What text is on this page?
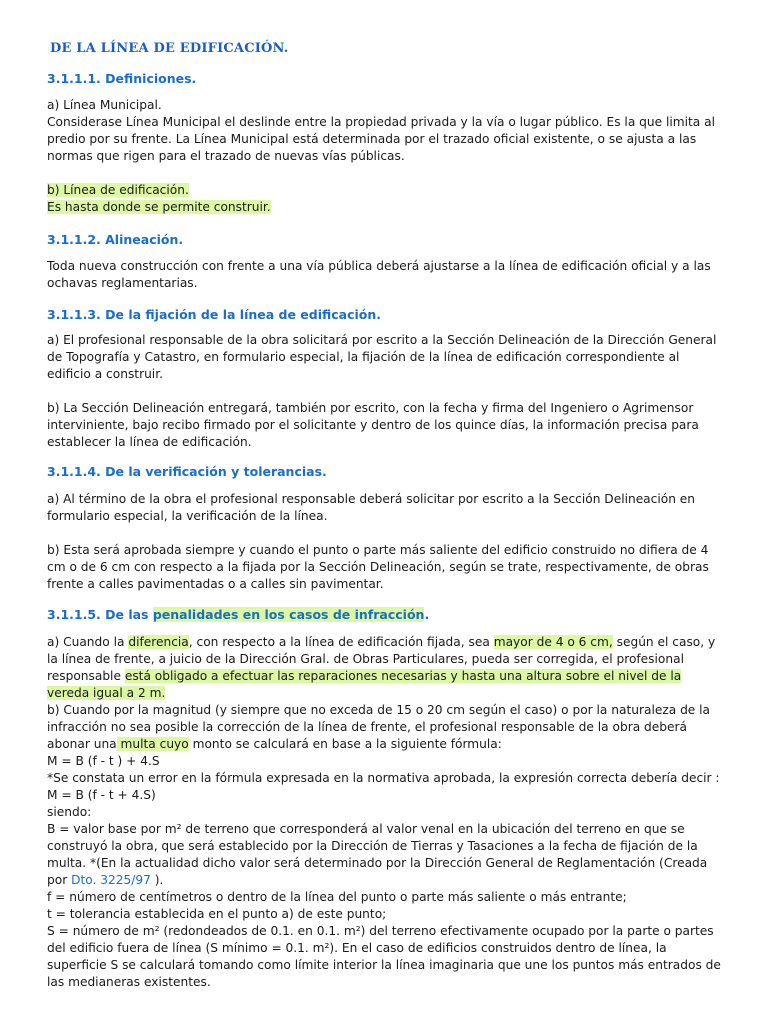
DE LA LÍNEA DE EDIFICACIÓN.
3.1.1.1. Definiciones.
a) Línea Municipal.
Considerase Línea Municipal el deslinde entre la propiedad privada y la vía o lugar público. Es la que limita al predio por su frente. La Línea Municipal está determinada por el trazado oficial existente, o se ajusta a las normas que rigen para el trazado de nuevas vías públicas.
b) Línea de edificación.
Es hasta donde se permite construir.
3.1.1.2. Alineación.

Toda nueva construcción con frente a una vía pública deberá ajustarse a la línea de edificación oficial y a las ochavas reglamentarias.

3.1.1.3. De la fijación de la línea de edificación.

a) El profesional responsable de la obra solicitará por escrito a la Sección Delineación de la Dirección General de Topografía y Catastro, en formulario especial, la fijación de la línea de edificación correspondiente al edificio a construir.

b) La Sección Delineación entregará, también por escrito, con la fecha y firma del Ingeniero o Agrimensor interviniente, bajo recibo firmado por el solicitante y dentro de los quince días, la información precisa para establecer la línea de edificación.

3.1.1.4. De la verificación y tolerancias.

a) Al término de la obra el profesional responsable deberá solicitar por escrito a la Sección Delineación en formulario especial, la verificación de la línea.

b) Esta será aprobada siempre y cuando el punto o parte más saliente del edificio construido no difiera de 4 cm o de 6 cm con respecto a la fijada por la Sección Delineación, según se trate, respectivamente, de obras frente a calles pavimentadas o a calles sin pavimentar.

3.1.1.5. De las penalidades en los casos de infracción.

a) Cuando la diferencia, con respecto a la línea de edificación fijada, sea mayor de 4 o 6 cm, según el caso, y la línea de frente, a juicio de la Dirección Gral. de Obras Particulares, pueda ser corregida, el profesional responsable está obligado a efectuar las reparaciones necesarias y hasta una altura sobre el nivel de la vereda igual a 2 m.

b) Cuando por la magnitud (y siempre que no exceda de 15 o 20 cm según el caso) o por la naturaleza de la infracción no sea posible la corrección de la línea de frente, el profesional responsable de la obra deberá abonar una multa cuyo monto se calculará en base a la siguiente fórmula:
M = B (f - t ) + 4.S
*Se constata un error en la fórmula expresada en la normativa aprobada, la expresión correcta debería decir :
M = B (f - t + 4.S)
siendo:
B = valor base por m² de terreno que corresponderá al valor venal en la ubicación del terreno en que se construyó la obra, que será establecido por la Dirección de Tierras y Tasaciones a la fecha de fijación de la multa. *(En la actualidad dicho valor será determinado por la Dirección General de Reglamentación (Creada por Dto. 3225/97 ).
f = número de centímetros o dentro de la línea del punto o parte más saliente o más entrante;
t = tolerancia establecida en el punto a) de este punto;
S = número de m² (redondeados de 0.1. en 0.1. m²) del terreno efectivamente ocupado por la parte o partes del edificio fuera de línea (S mínimo = 0.1. m²). En el caso de edificios construidos dentro de línea, la superficie S se calculará tomando como límite interior la línea imaginaria que une los puntos más entrados de las medianeras existentes.
